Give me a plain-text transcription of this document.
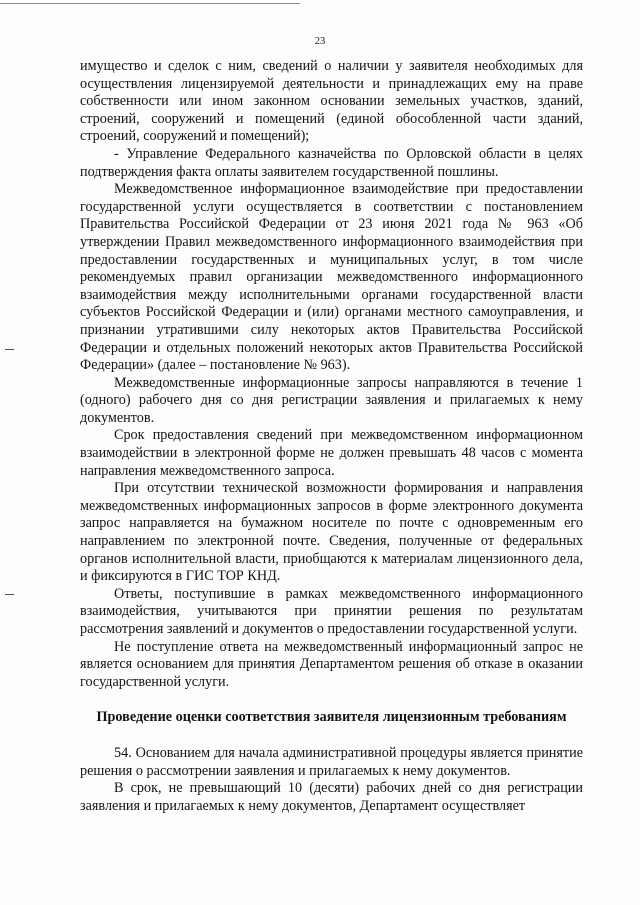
23

имущество и сделок с ним, сведений о наличии у заявителя необходимых для осуществления лицензируемой деятельности и принадлежащих ему на праве собственности или ином законном основании земельных участков, зданий, строений, сооружений и помещений (единой обособленной части зданий, строений, сооружений и помещений);

- Управление Федерального казначейства по Орловской области в целях подтверждения факта оплаты заявителем государственной пошлины.

Межведомственное информационное взаимодействие при предоставлении государственной услуги осуществляется в соответствии с постановлением Правительства Российской Федерации от 23 июня 2021 года № 963 «Об утверждении Правил межведомственного информационного взаимодействия при предоставлении государственных и муниципальных услуг, в том числе рекомендуемых правил организации межведомственного информационного взаимодействия между исполнительными органами государственной власти субъектов Российской Федерации и (или) органами местного самоуправления, и признании утратившими силу некоторых актов Правительства Российской Федерации и отдельных положений некоторых актов Правительства Российской Федерации» (далее – постановление № 963).

Межведомственные информационные запросы направляются в течение 1 (одного) рабочего дня со дня регистрации заявления и прилагаемых к нему документов.

Срок предоставления сведений при межведомственном информационном взаимодействии в электронной форме не должен превышать 48 часов с момента направления межведомственного запроса.

При отсутствии технической возможности формирования и направления межведомственных информационных запросов в форме электронного документа запрос направляется на бумажном носителе по почте с одновременным его направлением по электронной почте. Сведения, полученные от федеральных органов исполнительной власти, приобщаются к материалам лицензионного дела, и фиксируются в ГИС ТОР КНД.

Ответы, поступившие в рамках межведомственного информационного взаимодействия, учитываются при принятии решения по результатам рассмотрения заявлений и документов о предоставлении государственной услуги.

Не поступление ответа на межведомственный информационный запрос не является основанием для принятия Департаментом решения об отказе в оказании государственной услуги.

Проведение оценки соответствия заявителя лицензионным требованиям

54. Основанием для начала административной процедуры является принятие решения о рассмотрении заявления и прилагаемых к нему документов.

В срок, не превышающий 10 (десяти) рабочих дней со дня регистрации заявления и прилагаемых к нему документов, Департамент осуществляет
